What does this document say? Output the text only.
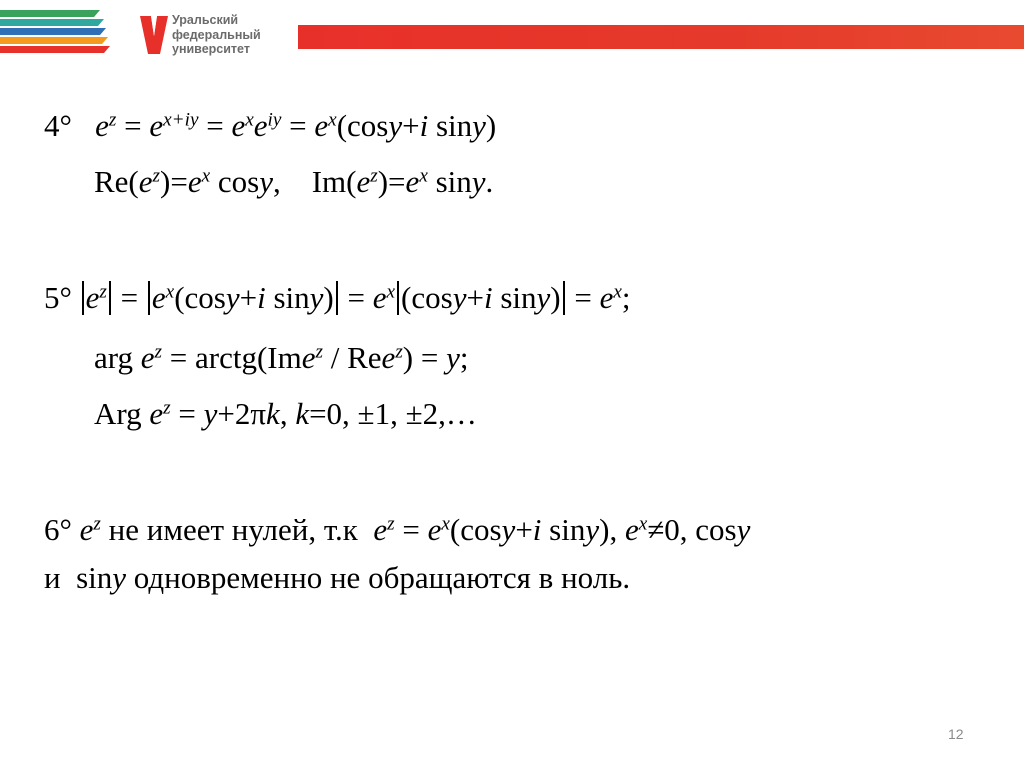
Уральский
федеральный
университет
4° $e^z = e^{x+iy} = e^xe^{iy} = e^x(\cos y+i$ siny)
$Re(e^z)=e^x$ cosy,    $Im(e^z)=e^x$ siny.
5° $e^z = e^x(\cos y+i$ $\sin y) = e^x$ (cosy+i $\sin y) = e^x$;
arg $e^z$ = arctg(Ime$^z$ / Ree$^z$) = y;
Arg $e^z = y+2\pi k$, k=0, ±1, ±2,…
6° $e^z$ не имеет нулей, т.к $e^z = e^x(\cos y+i$ siny), $e^x\ne 0$, cosy
и  siny одновременно не обращаются в ноль.
12
